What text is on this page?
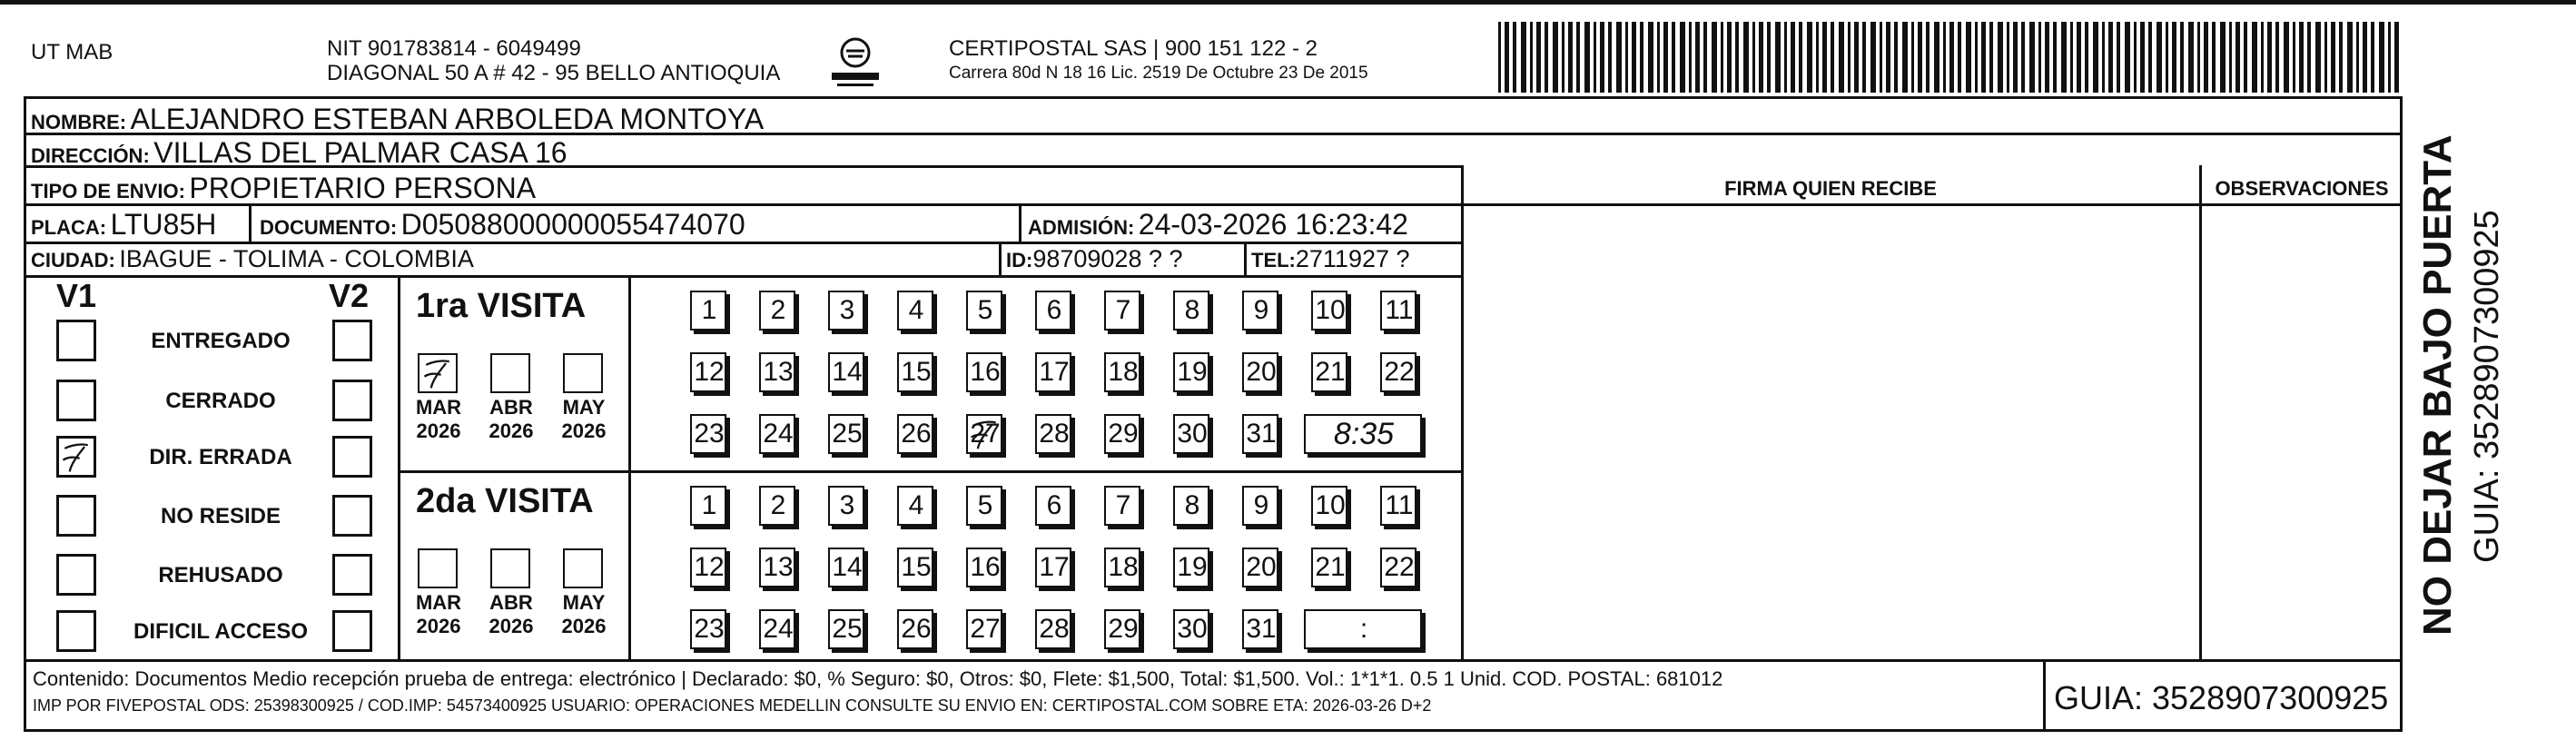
UT MAB	NIT 901783814 - 6049499
DIAGONAL 50 A # 42 - 95 BELLO ANTIOQUIA
CERTIPOSTAL SAS | 900 151 122 - 2
Carrera 80d N 18 16 Lic. 2519 De Octubre 23 De 2015
NOMBRE: ALEJANDRO ESTEBAN ARBOLEDA MONTOYA
DIRECCIÓN: VILLAS DEL PALMAR CASA 16
TIPO DE ENVIO: PROPIETARIO PERSONA
PLACA: LTU85H DOCUMENTO: D05088000000055474070	ADMISIÓN: 24-03-2026 16:23:42
CIUDAD: IBAGUE - TOLIMA - COLOMBIA	ID:98709028 ? ?	TEL:2711927 ?
FIRMA QUIEN RECIBE	OBSERVACIONES
V1	V2
ENTREGADO
CERRADO
DIR. ERRADA
NO RESIDE
REHUSADO
DIFICIL ACCESO
1ra VISITA
MAR
2026
ABR
2026
MAY
2026
1	2	3	4	5	6	7	8	9	10 11
12 13 14 15 16 17 18 19 20 21 22
23 24 25 26 27 28 29 30 31	8:35
2da VISITA
MAR
2026
ABR
2026
MAY
2026
1	2	3	4	5	6	7	8	9	10 11
12 13 14 15 16 17 18 19 20 21 22
23 24 25 26 27 28 29 30 31	:
Contenido: Documentos Medio recepción prueba de entrega: electrónico | Declarado: $0, % Seguro: $0, Otros: $0, Flete: $1,500, Total: $1,500. Vol.: 1*1*1. 0.5 1 Unid. COD. POSTAL: 681012
IMP POR FIVEPOSTAL ODS: 25398300925 / COD.IMP: 54573400925 USUARIO: OPERACIONES MEDELLIN CONSULTE SU ENVIO EN: CERTIPOSTAL.COM SOBRE ETA: 2026-03-26 D+2	GUIA: 3528907300925
NO DEJAR BAJO PUERTA GUIA: 3528907300925
